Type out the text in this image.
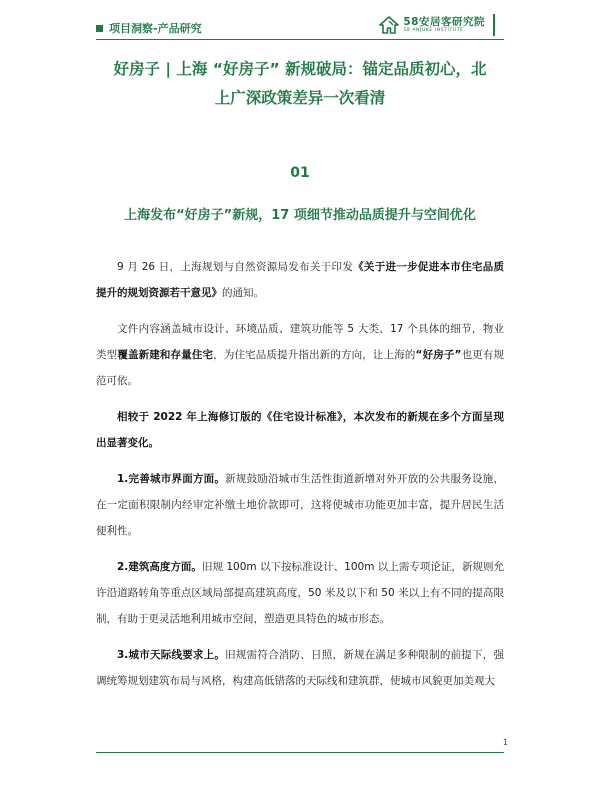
项目洞察-产品研究
58安居客研究院
58 ANJUKE INSTITUTE
好房子 | 上海 “好房子” 新规破局：锚定品质初心，北
上广深政策差异一次看清
01
上海发布“好房子”新规，17 项细节推动品质提升与空间优化

9 月 26 日，上海规划与自然资源局发布关于印发《关于进一步促进本市住宅品质提升的规划资源若干意见》的通知。

文件内容涵盖城市设计、环境品质、建筑功能等 5 大类、17 个具体的细节，物业类型覆盖新建和存量住宅，为住宅品质提升指出新的方向，让上海的“好房子”也更有规范可依。

相较于 2022 年上海修订版的《住宅设计标准》，本次发布的新规在多个方面呈现出显著变化。

1.完善城市界面方面。新规鼓励沿城市生活性街道新增对外开放的公共服务设施，在一定面积限制内经审定补缴土地价款即可，这将使城市功能更加丰富，提升居民生活便利性。

2.建筑高度方面。旧规 100m 以下按标准设计、100m 以上需专项论证，新规则允许沿道路转角等重点区域局部提高建筑高度，50 米及以下和 50 米以上有不同的提高限制，有助于更灵活地利用城市空间，塑造更具特色的城市形态。

3.城市天际线要求上。旧规需符合消防、日照，新规在满足多种限制的前提下，强调统筹规划建筑布局与风格，构建高低错落的天际线和建筑群，使城市风貌更加美观大

1
